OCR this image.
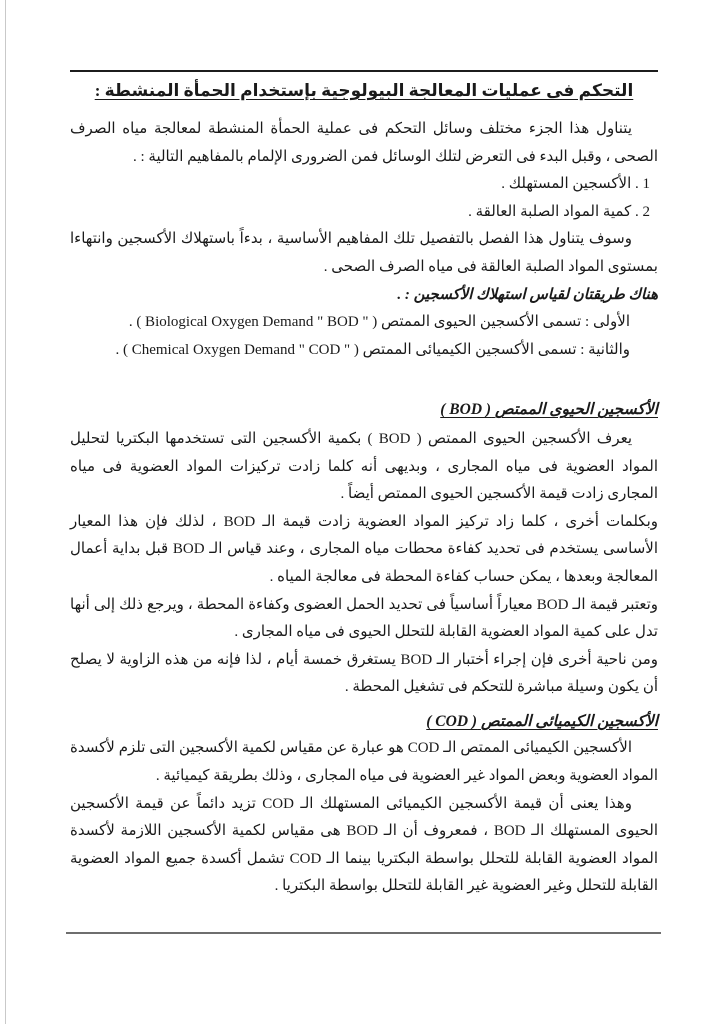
التحكم فى عمليات المعالجة البيولوجية بإستخدام الحمأة المنشطة :

يتناول هذا الجزء مختلف وسائل التحكم فى عملية الحمأة المنشطة لمعالجة مياه الصرف الصحى ، وقبل البدء فى التعرض لتلك الوسائل فمن الضرورى الإلمام بالمفاهيم التالية : .

1 . الأكسجين المستهلك .

2 . كمية المواد الصلبة العالقة .

وسوف يتناول هذا الفصل بالتفصيل تلك المفاهيم الأساسية ، بدءاً باستهلاك الأكسجين وانتهاءا بمستوى المواد الصلبة العالقة فى مياه الصرف الصحى .

هناك طريقتان لقياس استهلاك الأكسجين : .

الأولى : تسمى الأكسجين الحيوى الممتص ( Biological Oxygen Demand " BOD " ) .

والثانية : تسمى الأكسجين الكيميائى الممتص ( Chemical Oxygen Demand " COD " ) .

الأكسجين الحيوى الممتص ( BOD )

يعرف الأكسجين الحيوى الممتص ( BOD ) بكمية الأكسجين التى تستخدمها البكتريا لتحليل المواد العضوية فى مياه المجارى ، وبديهى أنه كلما زادت تركيزات المواد العضوية فى مياه المجارى زادت قيمة الأكسجين الحيوى الممتص أيضاً .

وبكلمات أخرى ، كلما زاد تركيز المواد العضوية زادت قيمة الـ BOD ، لذلك فإن هذا المعيار الأساسى يستخدم فى تحديد كفاءة محطات مياه المجارى ، وعند قياس الـ BOD قبل بداية أعمال المعالجة وبعدها ، يمكن حساب كفاءة المحطة فى معالجة المياه .

وتعتبر قيمة الـ BOD معياراً أساسياً فى تحديد الحمل العضوى وكفاءة المحطة ، ويرجع ذلك إلى أنها تدل على كمية المواد العضوية القابلة للتحلل الحيوى فى مياه المجارى .

ومن ناحية أخرى فإن إجراء أختبار الـ BOD يستغرق خمسة أيام ، لذا فإنه من هذه الزاوية لا يصلح أن يكون وسيلة مباشرة للتحكم فى تشغيل المحطة .

الأكسجين الكيميائى الممتص ( COD )

الأكسجين الكيميائى الممتص الـ COD هو عبارة عن مقياس لكمية الأكسجين التى تلزم لأكسدة المواد العضوية وبعض المواد غير العضوية فى مياه المجارى ، وذلك بطريقة كيميائية .

وهذا يعنى أن قيمة الأكسجين الكيميائى المستهلك الـ COD تزيد دائماً عن قيمة الأكسجين الحيوى المستهلك الـ BOD ، فمعروف أن الـ BOD هى مقياس لكمية الأكسجين اللازمة لأكسدة المواد العضوية القابلة للتحلل بواسطة البكتريا بينما الـ COD تشمل أكسدة جميع المواد العضوية القابلة للتحلل وغير العضوية غير القابلة للتحلل بواسطة البكتريا .
